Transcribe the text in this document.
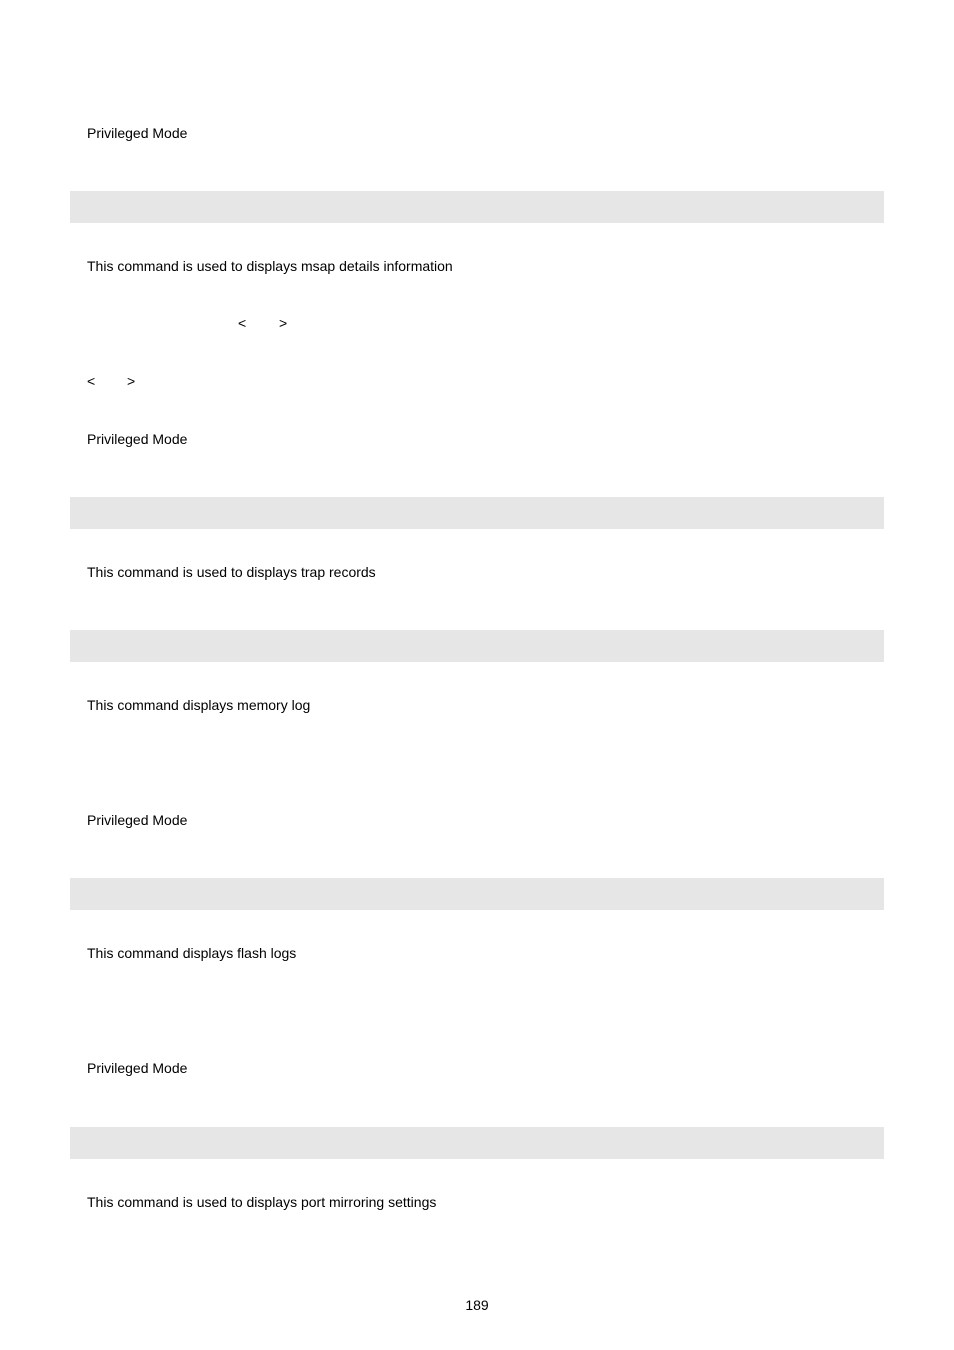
Privileged Mode

This command is used to displays msap details information

< >
< >

Privileged Mode

This command is used to displays trap records

This command displays memory log

Privileged Mode

This command displays flash logs

Privileged Mode

This command is used to displays port mirroring settings

189
